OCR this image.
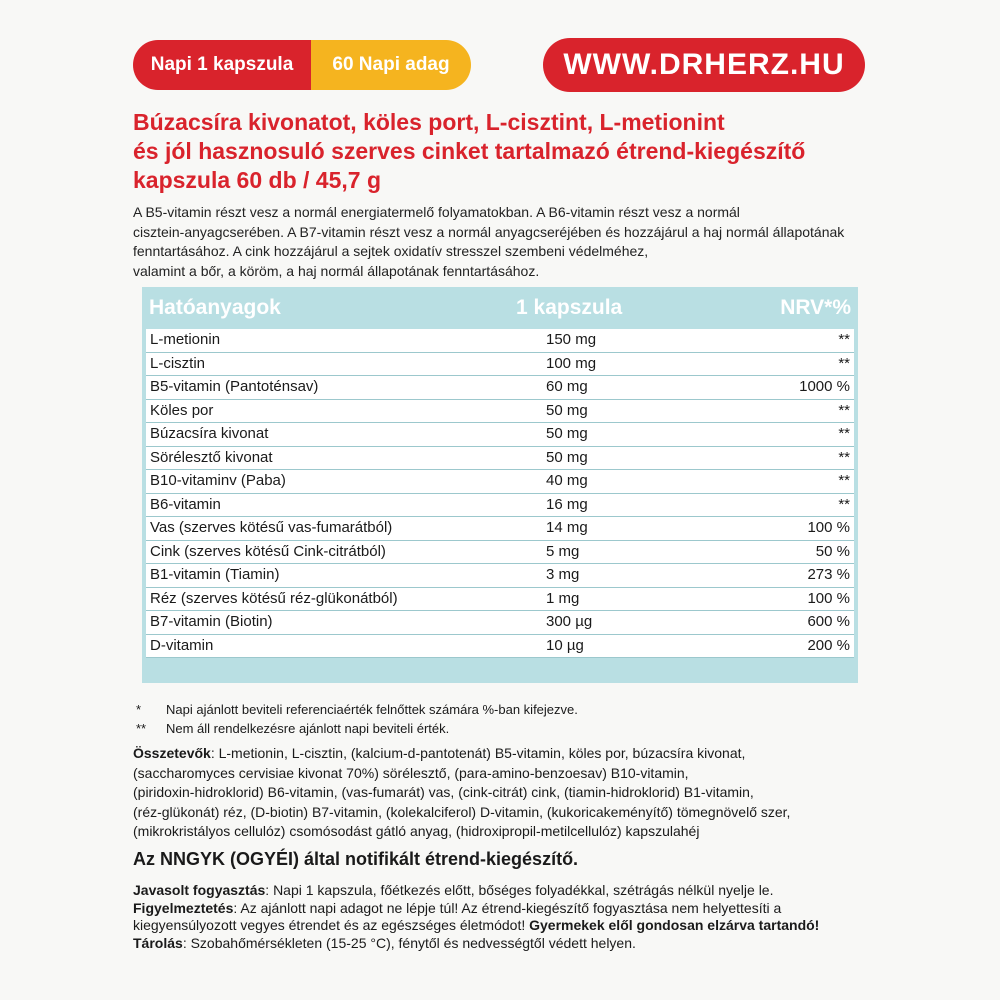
Napi 1 kapszula	60 Napi adag	WWW.DRHERZ.HU
Búzacsíra kivonatot, köles port, L-cisztint, L-metionint
és jól hasznosuló szerves cinket tartalmazó étrend-kiegészítő
kapszula 60 db / 45,7 g
A B5-vitamin részt vesz a normál energiatermelő folyamatokban. A B6-vitamin részt vesz a normál
cisztein-anyagcserében. A B7-vitamin részt vesz a normál anyagcseréjében és hozzájárul a haj normál állapotának
fenntartásához. A cink hozzájárul a sejtek oxidatív stresszel szembeni védelméhez,
valamint a bőr, a köröm, a haj normál állapotának fenntartásához.
Hatóanyagok	1 kapszula	NRV*%
L-metionin	150 mg	**
L-cisztin	100 mg	**
B5-vitamin (Pantoténsav)	60 mg	1000 %
Köles por	50 mg	**
Búzacsíra kivonat	50 mg	**
Sörélesztő kivonat	50 mg	**
B10-vitaminv (Paba)	40 mg	**
B6-vitamin	16 mg	**
Vas (szerves kötésű vas-fumarátból)	14 mg	100 %
Cink (szerves kötésű Cink-citrátból)	5 mg	50 %
B1-vitamin (Tiamin)	3 mg	273 %
Réz (szerves kötésű réz-glükonátból)	1 mg	100 %
B7-vitamin (Biotin)	300 µg	600 %
D-vitamin	10 µg	200 %
* Napi ajánlott beviteli referenciaérték felnőttek számára %-ban kifejezve.
** Nem áll rendelkezésre ajánlott napi beviteli érték.
Összetevők: L-metionin, L-cisztin, (kalcium-d-pantotenát) B5-vitamin, köles por, búzacsíra kivonat,
(saccharomyces cervisiae kivonat 70%) sörélesztő, (para-amino-benzoesav) B10-vitamin,
(piridoxin-hidroklorid) B6-vitamin, (vas-fumarát) vas, (cink-citrát) cink, (tiamin-hidroklorid) B1-vitamin,
(réz-glükonát) réz, (D-biotin) B7-vitamin, (kolekalciferol) D-vitamin, (kukoricakeményítő) tömegnövelő szer,
(mikrokristályos cellulóz) csomósodást gátló anyag, (hidroxipropil-metilcellulóz) kapszulahéj
Az NNGYK (OGYÉI) által notifikált étrend-kiegészítő.
Javasolt fogyasztás: Napi 1 kapszula, főétkezés előtt, bőséges folyadékkal, szétrágás nélkül nyelje le.
Figyelmeztetés: Az ajánlott napi adagot ne lépje túl! Az étrend-kiegészítő fogyasztása nem helyettesíti a
kiegyensúlyozott vegyes étrendet és az egészséges életmódot! Gyermekek elől gondosan elzárva tartandó!
Tárolás: Szobahőmérsékleten (15-25 °C), fénytől és nedvességtől védett helyen.
